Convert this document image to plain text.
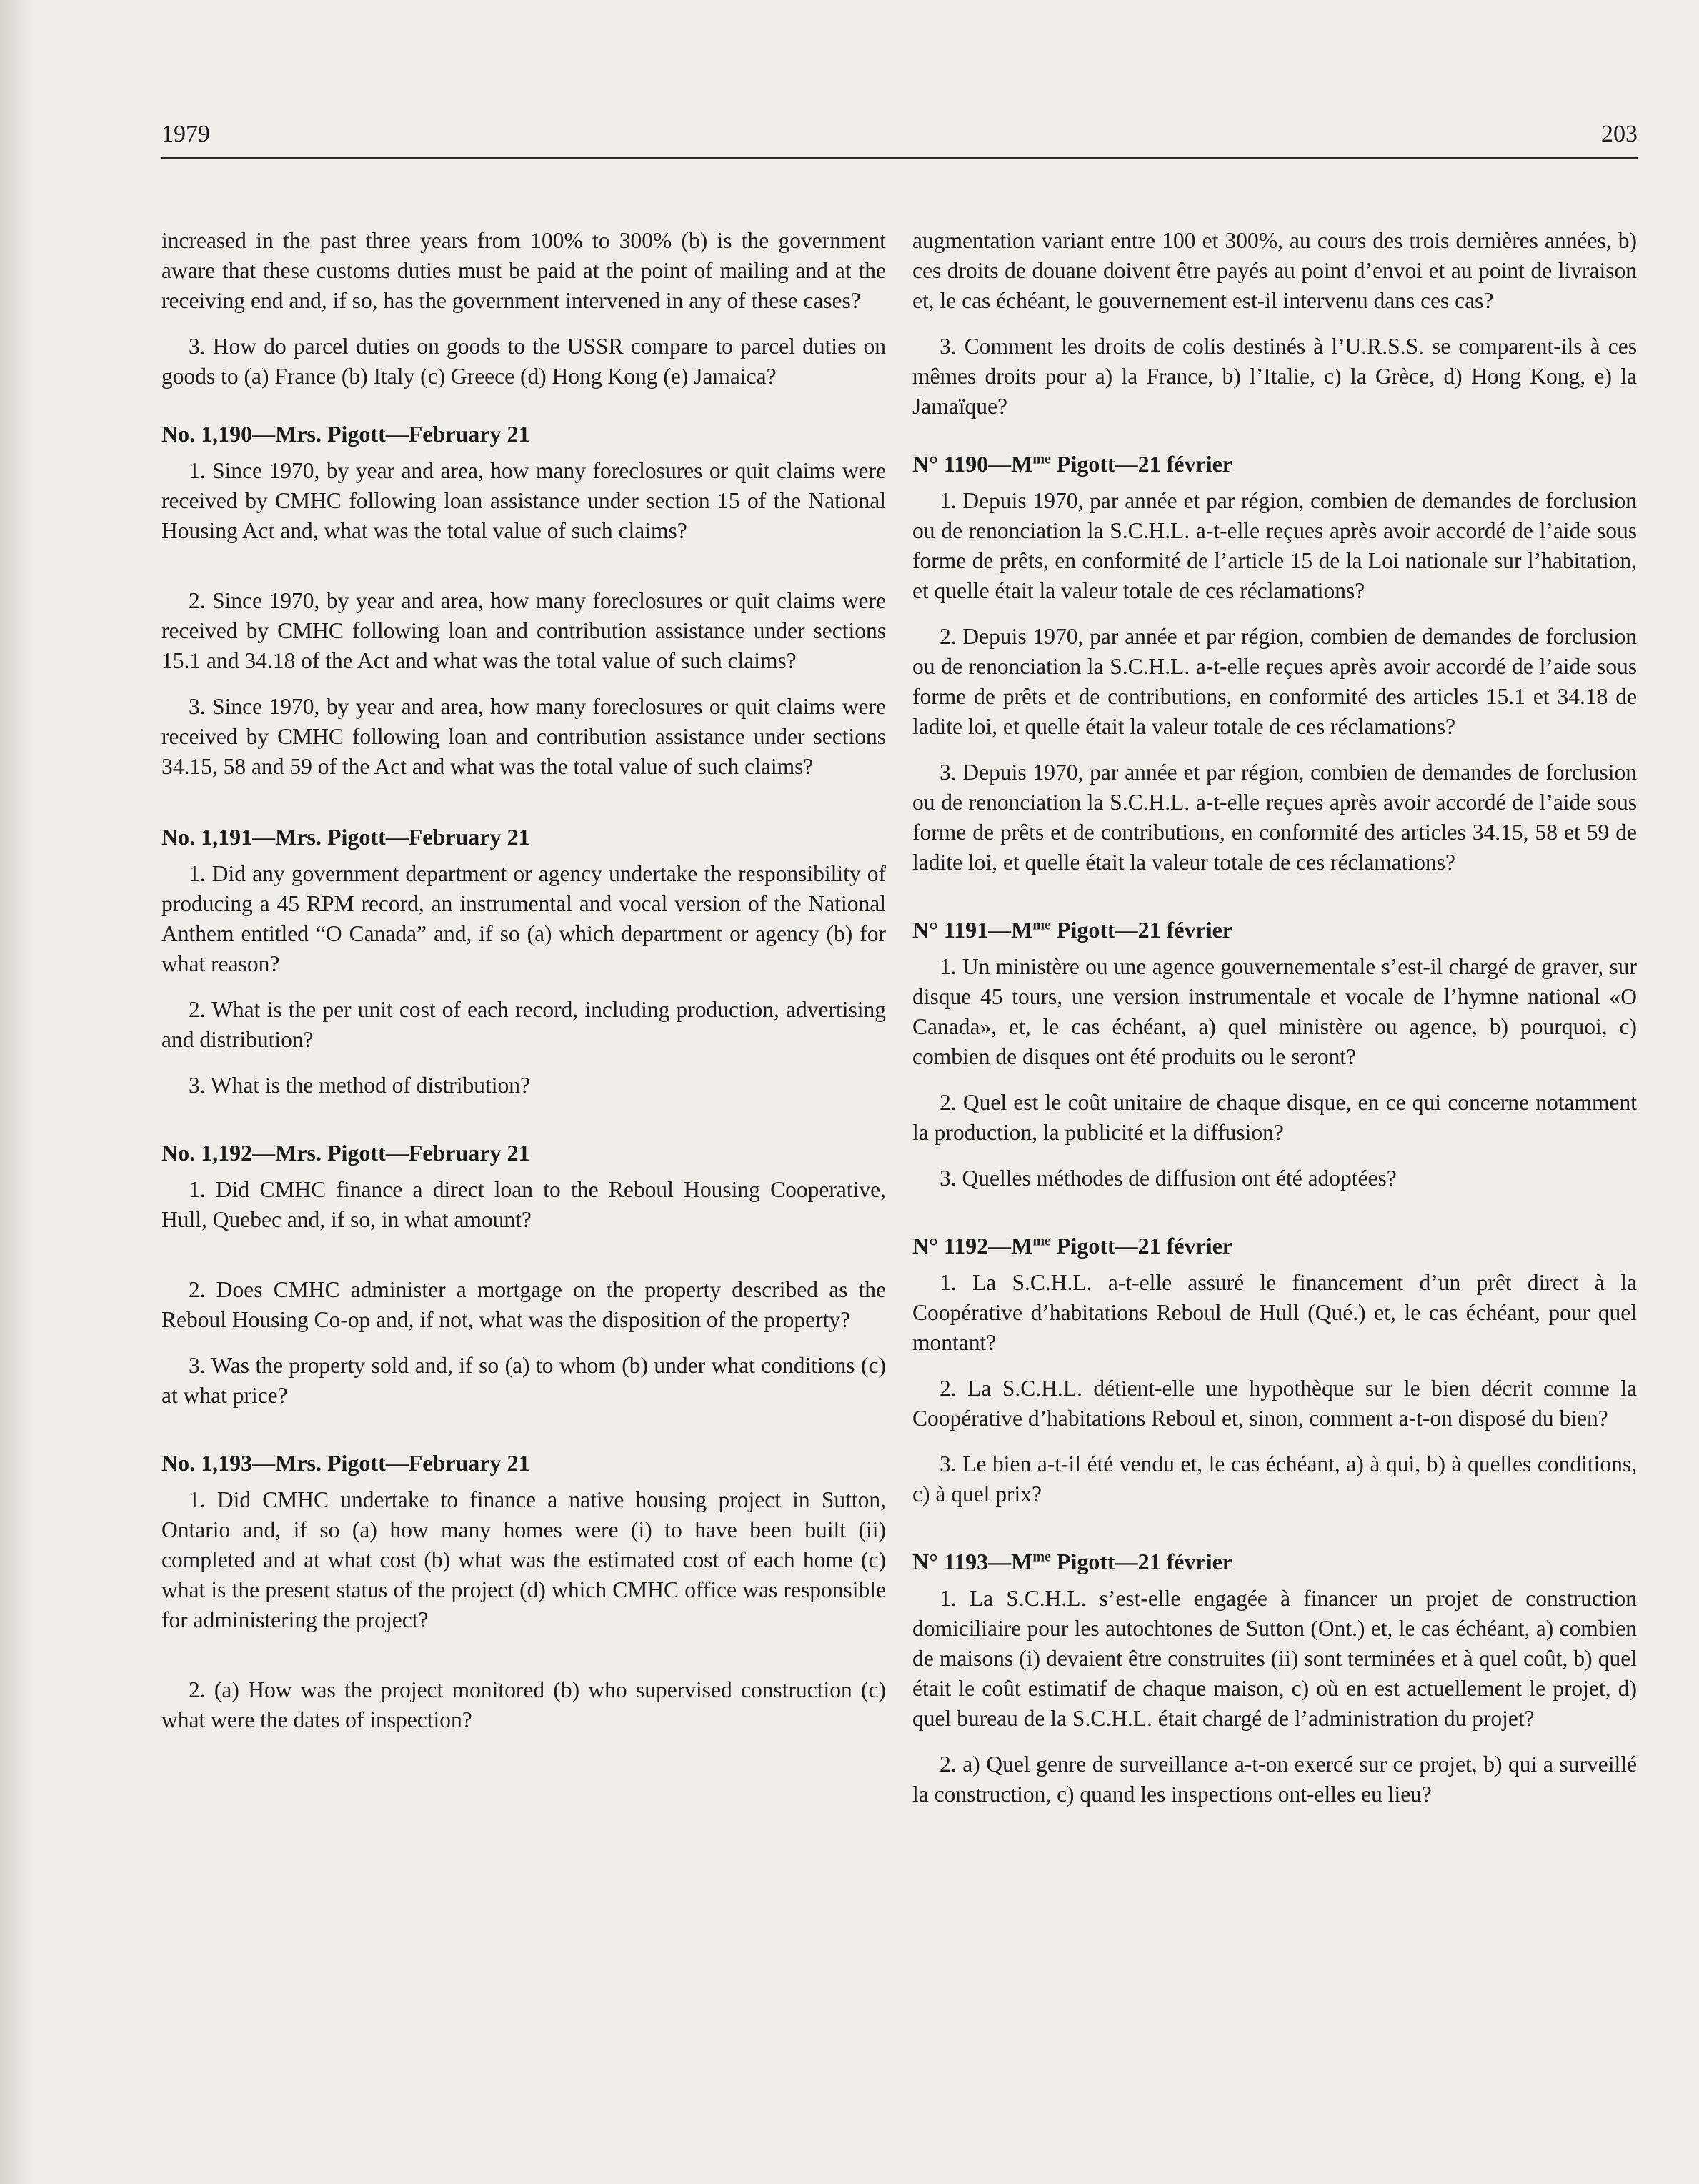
1979	203

increased in the past three years from 100% to 300% (b) is the government aware that these customs duties must be paid at the point of mailing and at the receiving end and, if so, has the government intervened in any of these cases?

3. How do parcel duties on goods to the USSR compare to parcel duties on goods to (a) France (b) Italy (c) Greece (d) Hong Kong (e) Jamaica?

No. 1,190—Mrs. Pigott—February 21

1. Since 1970, by year and area, how many foreclosures or quit claims were received by CMHC following loan assistance under section 15 of the National Housing Act and, what was the total value of such claims?

2. Since 1970, by year and area, how many foreclosures or quit claims were received by CMHC following loan and contribution assistance under sections 15.1 and 34.18 of the Act and what was the total value of such claims?

3. Since 1970, by year and area, how many foreclosures or quit claims were received by CMHC following loan and contribution assistance under sections 34.15, 58 and 59 of the Act and what was the total value of such claims?

No. 1,191—Mrs. Pigott—February 21

1. Did any government department or agency undertake the responsibility of producing a 45 RPM record, an instrumental and vocal version of the National Anthem entitled “O Canada” and, if so (a) which department or agency (b) for what reason?

2. What is the per unit cost of each record, including production, advertising and distribution?

3. What is the method of distribution?

No. 1,192—Mrs. Pigott—February 21

1. Did CMHC finance a direct loan to the Reboul Housing Cooperative, Hull, Quebec and, if so, in what amount?

2. Does CMHC administer a mortgage on the property described as the Reboul Housing Co-op and, if not, what was the disposition of the property?

3. Was the property sold and, if so (a) to whom (b) under what conditions (c) at what price?

No. 1,193—Mrs. Pigott—February 21

1. Did CMHC undertake to finance a native housing project in Sutton, Ontario and, if so (a) how many homes were (i) to have been built (ii) completed and at what cost (b) what was the estimated cost of each home (c) what is the present status of the project (d) which CMHC office was responsible for administering the project?

2. (a) How was the project monitored (b) who supervised construction (c) what were the dates of inspection?

augmentation variant entre 100 et 300%, au cours des trois dernières années, b) ces droits de douane doivent être payés au point d’envoi et au point de livraison et, le cas échéant, le gouvernement est-il intervenu dans ces cas?

3. Comment les droits de colis destinés à l’U.R.S.S. se comparent-ils à ces mêmes droits pour a) la France, b) l’Italie, c) la Grèce, d) Hong Kong, e) la Jamaïque?

N° $1190—M^{me}$ Pigott—21 février

1. Depuis 1970, par année et par région, combien de demandes de forclusion ou de renonciation la S.C.H.L. a-t-elle reçues après avoir accordé de l’aide sous forme de prêts, en conformité de l’article 15 de la Loi nationale sur l’habitation, et quelle était la valeur totale de ces réclamations?

2. Depuis 1970, par année et par région, combien de demandes de forclusion ou de renonciation la S.C.H.L. a-t-elle reçues après avoir accordé de l’aide sous forme de prêts et de contributions, en conformité des articles 15.1 et 34.18 de ladite loi, et quelle était la valeur totale de ces réclamations?

3. Depuis 1970, par année et par région, combien de demandes de forclusion ou de renonciation la S.C.H.L. a-t-elle reçues après avoir accordé de l’aide sous forme de prêts et de contributions, en conformité des articles 34.15, 58 et 59 de ladite loi, et quelle était la valeur totale de ces réclamations?

N° $1191—M^{me}$ Pigott—21 février

1. Un ministère ou une agence gouvernementale s’est-il chargé de graver, sur disque 45 tours, une version instrumentale et vocale de l’hymne national «O Canada», et, le cas échéant, a) quel ministère ou agence, b) pourquoi, c) combien de disques ont été produits ou le seront?

2. Quel est le coût unitaire de chaque disque, en ce qui concerne notamment la production, la publicité et la diffusion?

3. Quelles méthodes de diffusion ont été adoptées?

N° $1192—M^{me}$ Pigott—21 février

1. La S.C.H.L. a-t-elle assuré le financement d’un prêt direct à la Coopérative d’habitations Reboul de Hull (Qué.) et, le cas échéant, pour quel montant?

2. La S.C.H.L. détient-elle une hypothèque sur le bien décrit comme la Coopérative d’habitations Reboul et, sinon, comment a-t-on disposé du bien?

3. Le bien a-t-il été vendu et, le cas échéant, a) à qui, b) à quelles conditions, c) à quel prix?

N° $1193—M^{me}$ Pigott—21 février

1. La S.C.H.L. s’est-elle engagée à financer un projet de construction domiciliaire pour les autochtones de Sutton (Ont.) et, le cas échéant, a) combien de maisons (i) devaient être construites (ii) sont terminées et à quel coût, b) quel était le coût estimatif de chaque maison, c) où en est actuellement le projet, d) quel bureau de la S.C.H.L. était chargé de l’administration du projet?

2. a) Quel genre de surveillance a-t-on exercé sur ce projet, b) qui a surveillé la construction, c) quand les inspections ont-elles eu lieu?
